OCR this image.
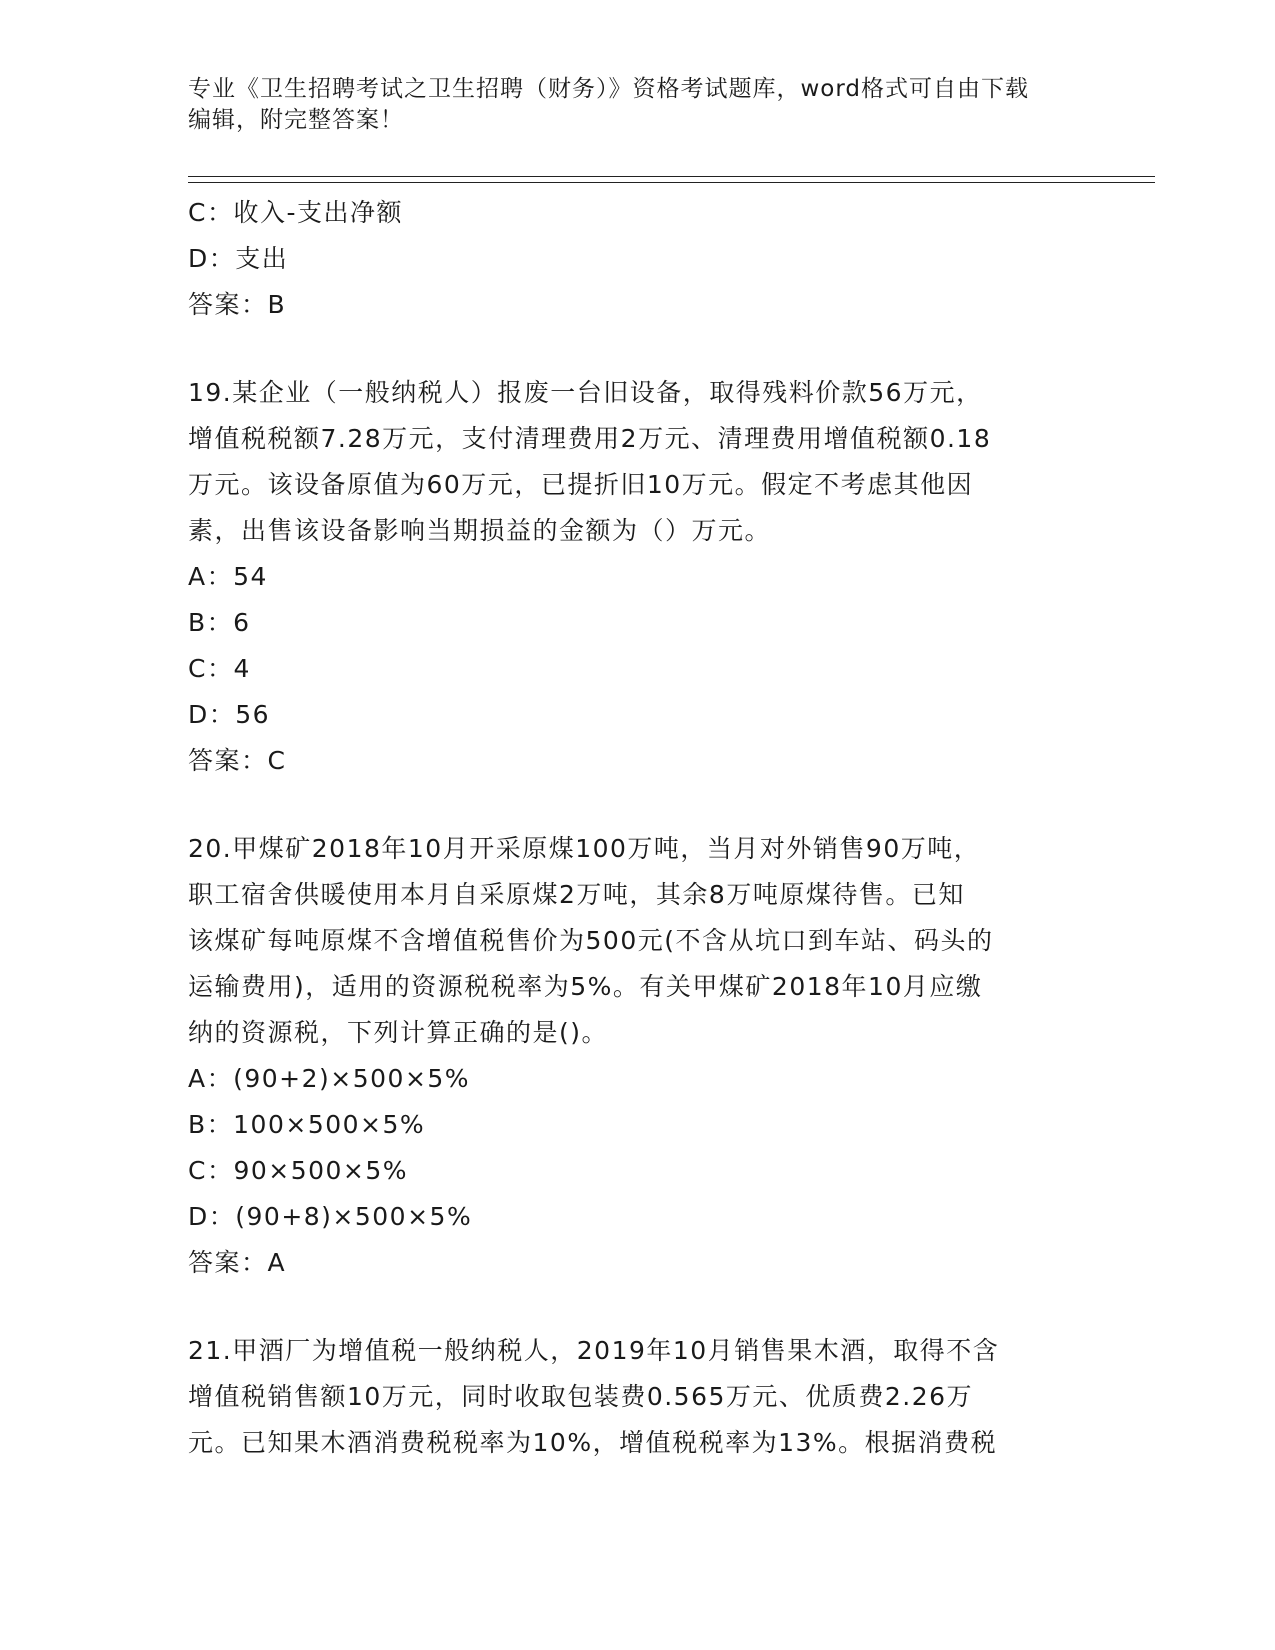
专业《卫生招聘考试之卫生招聘（财务）》资格考试题库，word格式可自由下载
编辑，附完整答案！
C：收入-支出净额
D：支出
答案：B
19.某企业（一般纳税人）报废一台旧设备，取得残料价款56万元，
增值税税额7.28万元，支付清理费用2万元、清理费用增值税额0.18
万元。该设备原值为60万元，已提折旧10万元。假定不考虑其他因
素，出售该设备影响当期损益的金额为（）万元。
A：54
B：6
C：4
D：56
答案：C
20.甲煤矿2018年10月开采原煤100万吨，当月对外销售90万吨，
职工宿舍供暖使用本月自采原煤2万吨，其余8万吨原煤待售。已知
该煤矿每吨原煤不含增值税售价为500元(不含从坑口到车站、码头的
运输费用)，适用的资源税税率为5%。有关甲煤矿2018年10月应缴
纳的资源税，下列计算正确的是()。
A：(90+2)×500×5%
B：100×500×5%
C：90×500×5%
D：(90+8)×500×5%
答案：A
21.甲酒厂为增值税一般纳税人，2019年10月销售果木酒，取得不含
增值税销售额10万元，同时收取包装费0.565万元、优质费2.26万
元。已知果木酒消费税税率为10%，增值税税率为13%。根据消费税
